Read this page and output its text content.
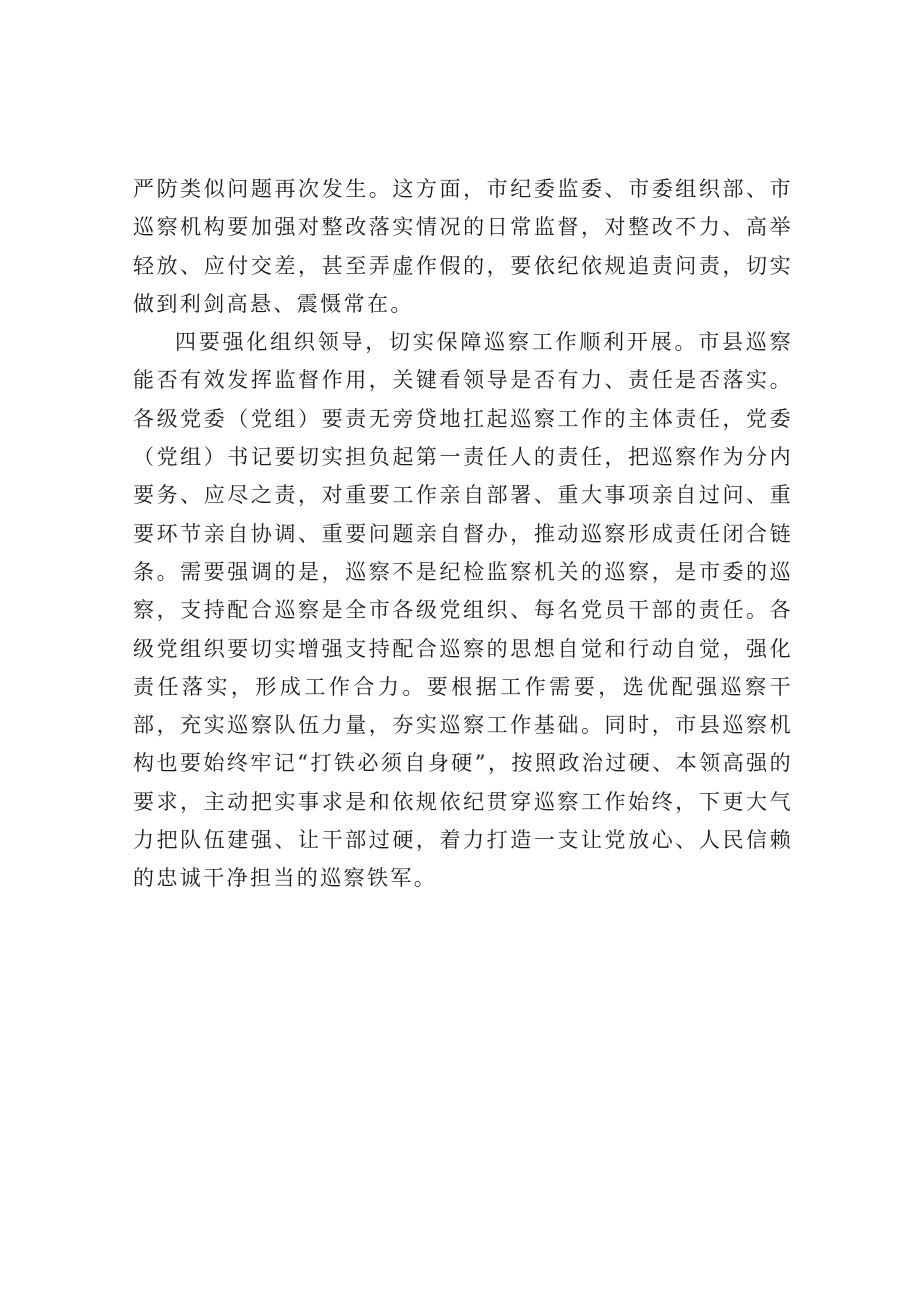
严防类似问题再次发生。这方面，市纪委监委、市委组织部、市巡察机构要加强对整改落实情况的日常监督，对整改不力、高举轻放、应付交差，甚至弄虚作假的，要依纪依规追责问责，切实做到利剑高悬、震慑常在。

四要强化组织领导，切实保障巡察工作顺利开展。市县巡察能否有效发挥监督作用，关键看领导是否有力、责任是否落实。各级党委（党组）要责无旁贷地扛起巡察工作的主体责任，党委（党组）书记要切实担负起第一责任人的责任，把巡察作为分内要务、应尽之责，对重要工作亲自部署、重大事项亲自过问、重要环节亲自协调、重要问题亲自督办，推动巡察形成责任闭合链条。需要强调的是，巡察不是纪检监察机关的巡察，是市委的巡察，支持配合巡察是全市各级党组织、每名党员干部的责任。各级党组织要切实增强支持配合巡察的思想自觉和行动自觉，强化责任落实，形成工作合力。要根据工作需要，选优配强巡察干部，充实巡察队伍力量，夯实巡察工作基础。同时，市县巡察机构也要始终牢记“打铁必须自身硬”，按照政治过硬、本领高强的要求，主动把实事求是和依规依纪贯穿巡察工作始终，下更大气力把队伍建强、让干部过硬，着力打造一支让党放心、人民信赖的忠诚干净担当的巡察铁军。
